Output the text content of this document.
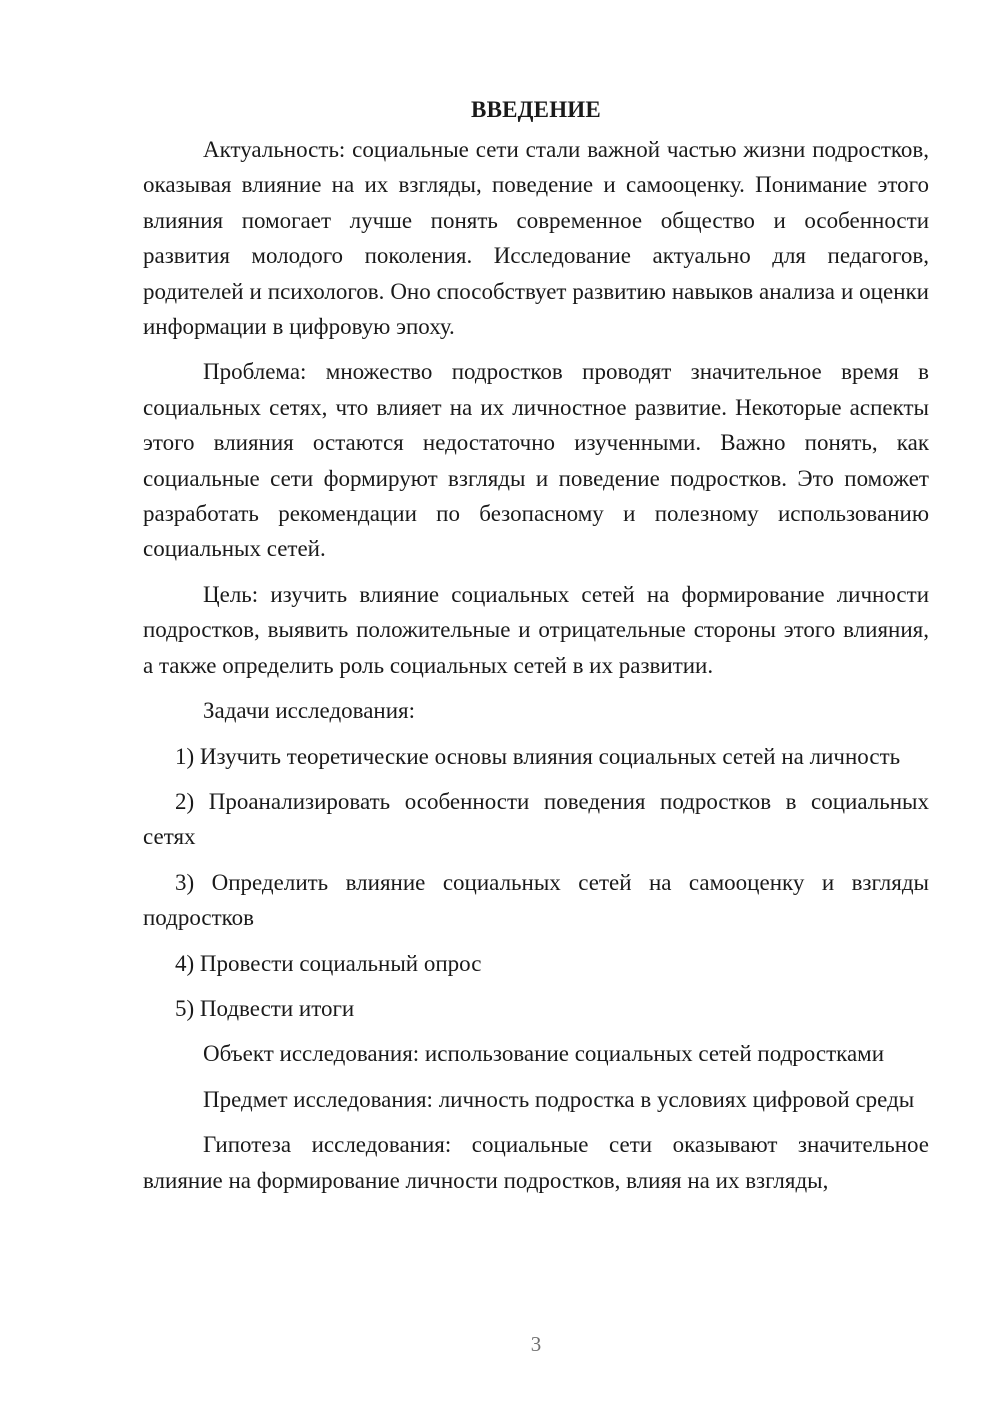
ВВЕДЕНИЕ

Актуальность: социальные сети стали важной частью жизни подростков, оказывая влияние на их взгляды, поведение и самооценку. Понимание этого влияния помогает лучше понять современное общество и особенности развития молодого поколения. Исследование актуально для педагогов, родителей и психологов. Оно способствует развитию навыков анализа и оценки информации в цифровую эпоху.

Проблема: множество подростков проводят значительное время в социальных сетях, что влияет на их личностное развитие. Некоторые аспекты этого влияния остаются недостаточно изученными. Важно понять, как социальные сети формируют взгляды и поведение подростков. Это поможет разработать рекомендации по безопасному и полезному использованию социальных сетей.

Цель: изучить влияние социальных сетей на формирование личности подростков, выявить положительные и отрицательные стороны этого влияния, а также определить роль социальных сетей в их развитии.

Задачи исследования:

1) Изучить теоретические основы влияния социальных сетей на личность

2) Проанализировать особенности поведения подростков в социальных сетях

3) Определить влияние социальных сетей на самооценку и взгляды подростков

4) Провести социальный опрос

5) Подвести итоги

Объект исследования: использование социальных сетей подростками

Предмет исследования: личность подростка в условиях цифровой среды

Гипотеза исследования: социальные сети оказывают значительное влияние на формирование личности подростков, влияя на их взгляды,

3
